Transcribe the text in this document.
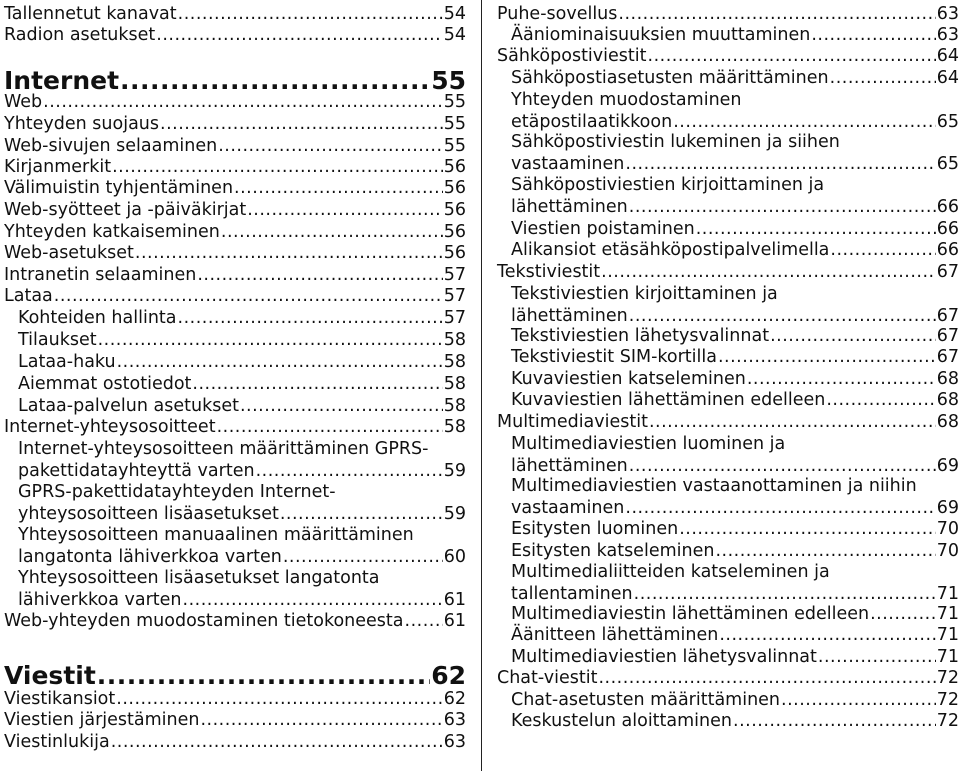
Tallennetut kanavat .....	54
Radion asetukset .....	54
Internet .....	55
Web .....	55
Yhteyden suojaus .....	55
Web-sivujen selaaminen .....	55
Kirjanmerkit .....	56
Välimuistin tyhjentäminen .....	56
Web-syötteet ja -päiväkirjat .....	56
Yhteyden katkaiseminen .....	56
Web-asetukset .....	56
Intranetin selaaminen .....	57
Lataa .....	57
Kohteiden hallinta .....	57
Tilaukset .....	58
Lataa-haku .....	58
Aiemmat ostotiedot .....	58
Lataa-palvelun asetukset .....	58
Internet-yhteysosoitteet .....	58
Internet-yhteysosoitteen määrittäminen GPRS-
pakettidatayhteyttä varten .....	59
GPRS-pakettidatayhteyden Internet-
yhteysosoitteen lisäasetukset .....	59
Yhteysosoitteen manuaalinen määrittäminen
langatonta lähiverkkoa varten .....	60
Yhteysosoitteen lisäasetukset langatonta
lähiverkkoa varten .....	61
Web-yhteyden muodostaminen tietokoneesta ..... 61
Viestit .....	62
Viestikansiot .....	62
Viestien järjestäminen .....	63
Viestinlukija .....	63
Puhe-sovellus .....	63
Ääniominaisuuksien muuttaminen .....	63
Sähköpostiviestit .....	64
Sähköpostiasetusten määrittäminen .....	64
Yhteyden muodostaminen
etäpostilaatikkoon .....	65
Sähköpostiviestin lukeminen ja siihen
vastaaminen .....	65
Sähköpostiviestien kirjoittaminen ja
lähettäminen .....	66
Viestien poistaminen .....	66
Alikansiot etäsähköpostipalvelimella .....	66
Tekstiviestit .....	67
Tekstiviestien kirjoittaminen ja
lähettäminen .....	67
Tekstiviestien lähetysvalinnat .....	67
Tekstiviestit SIM-kortilla .....	67
Kuvaviestien katseleminen .....	68
Kuvaviestien lähettäminen edelleen .....	68
Multimediaviestit .....	68
Multimediaviestien luominen ja
lähettäminen .....	69
Multimediaviestien vastaanottaminen ja niihin
vastaaminen .....	69
Esitysten luominen .....	70
Esitysten katseleminen .....	70
Multimedialiitteiden katseleminen ja
tallentaminen .....	71
Multimediaviestin lähettäminen edelleen .....	71
Äänitteen lähettäminen .....	71
Multimediaviestien lähetysvalinnat .....	71
Chat-viestit .....	72
Chat-asetusten määrittäminen .....	72
Keskustelun aloittaminen .....	72
